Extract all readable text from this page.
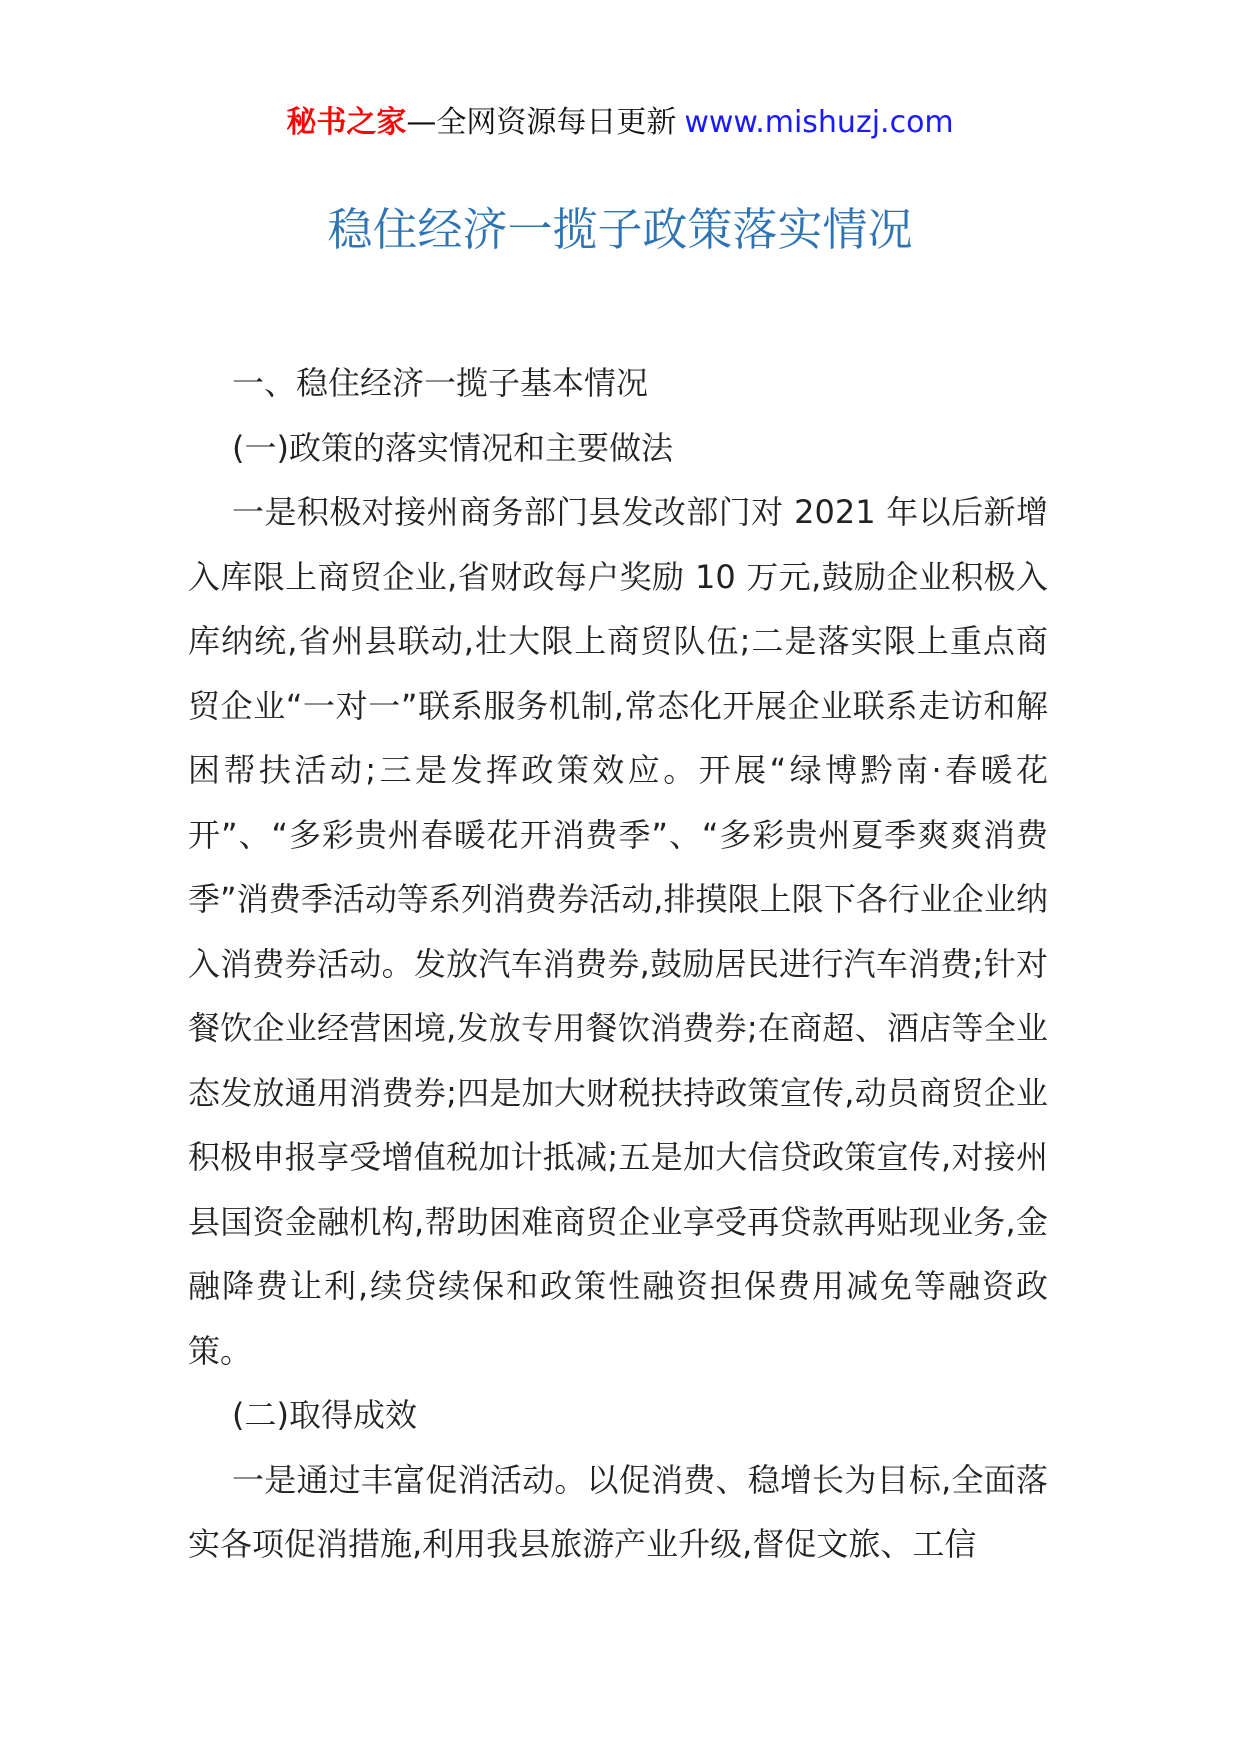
秘书之家—全网资源每日更新 www.mishuzj.com
稳住经济一揽子政策落实情况

一、稳住经济一揽子基本情况

(一)政策的落实情况和主要做法

一是积极对接州商务部门县发改部门对 2021 年以后新增入库限上商贸企业,省财政每户奖励 10 万元,鼓励企业积极入库纳统,省州县联动,壮大限上商贸队伍;二是落实限上重点商贸企业“一对一”联系服务机制,常态化开展企业联系走访和解困帮扶活动;三是发挥政策效应。开展“绿博黔南·春暖花开”、“多彩贵州春暖花开消费季”、“多彩贵州夏季爽爽消费季”消费季活动等系列消费券活动,排摸限上限下各行业企业纳入消费券活动。发放汽车消费券,鼓励居民进行汽车消费;针对餐饮企业经营困境,发放专用餐饮消费券;在商超、酒店等全业态发放通用消费券;四是加大财税扶持政策宣传,动员商贸企业积极申报享受增值税加计抵减;五是加大信贷政策宣传,对接州县国资金融机构,帮助困难商贸企业享受再贷款再贴现业务,金融降费让利,续贷续保和政策性融资担保费用减免等融资政策。

(二)取得成效

一是通过丰富促消活动。以促消费、稳增长为目标,全面落实各项促消措施,利用我县旅游产业升级,督促文旅、工信
